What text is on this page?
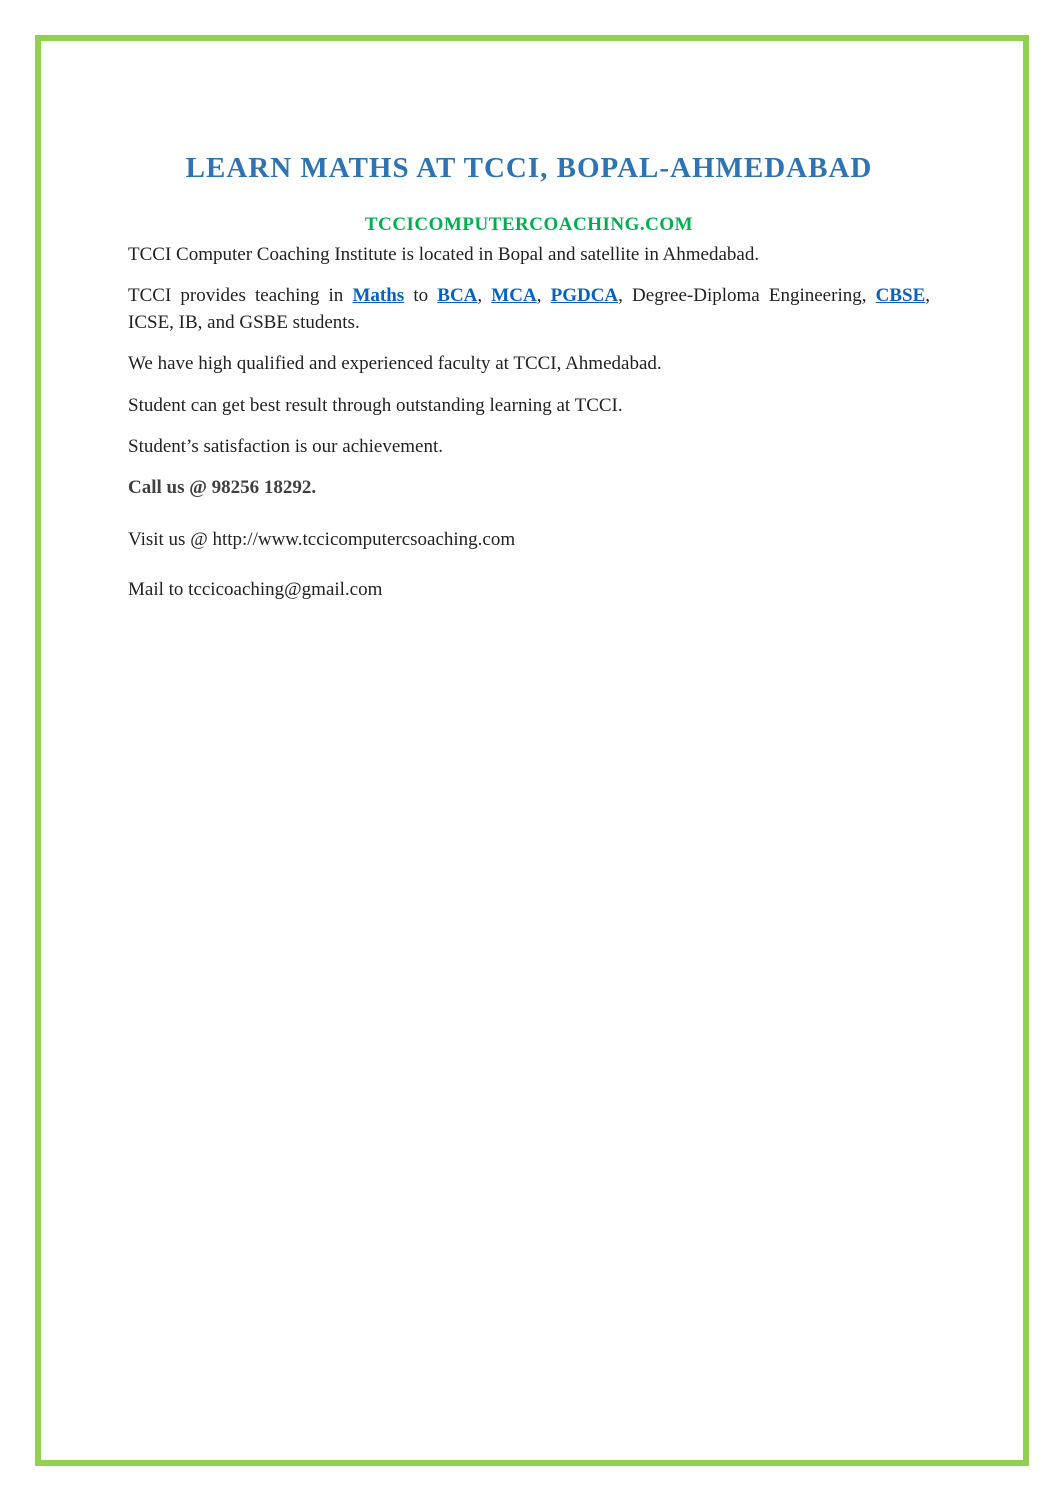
LEARN MATHS AT TCCI, BOPAL-AHMEDABAD
TCCICOMPUTERCOACHING.COM
TCCI Computer Coaching Institute is located in Bopal and satellite in Ahmedabad.
TCCI provides teaching in Maths to BCA, MCA, PGDCA, Degree-Diploma Engineering, CBSE, ICSE, IB, and GSBE students.
We have high qualified and experienced faculty at TCCI, Ahmedabad.
Student can get best result through outstanding learning at TCCI.
Student’s satisfaction is our achievement.
Call us @ 98256 18292.
Visit us @ http://www.tccicomputercsoaching.com
Mail to tccicoaching@gmail.com
